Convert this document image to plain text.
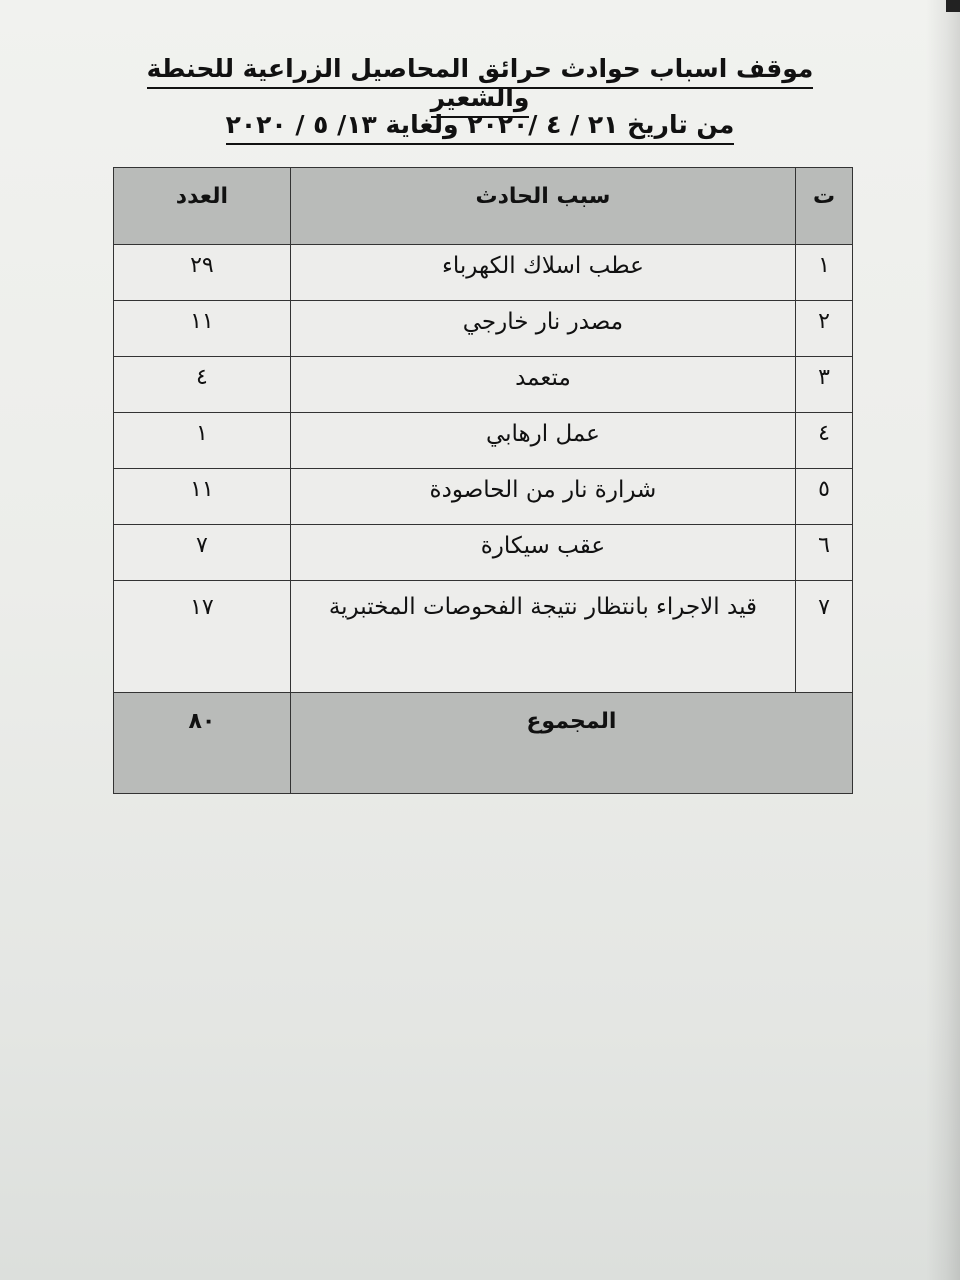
موقف اسباب حوادث حرائق المحاصيل الزراعية للحنطة والشعير
من تاريخ ٢١ / ٤ /٢٠٢٠ ولغاية ١٣/ ٥ / ٢٠٢٠
ت	سبب الحادث	العدد
١	عطب اسلاك الكهرباء	٢٩
٢	مصدر نار خارجي	١١
٣	متعمد	٤
٤	عمل ارهابي	١
٥	شرارة نار من الحاصودة	١١
٦	عقب سيكارة	٧
٧	قيد الاجراء بانتظار نتيجة الفحوصات المختبرية	١٧
المجموع		٨٠
